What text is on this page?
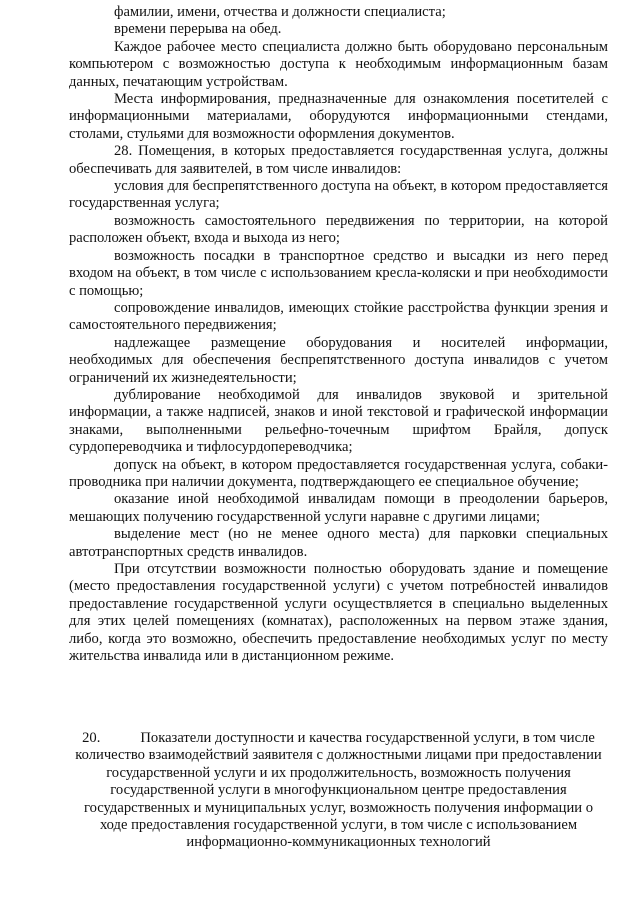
фамилии, имени, отчества и должности специалиста;

времени перерыва на обед.

Каждое рабочее место специалиста должно быть оборудовано персональным компьютером с возможностью доступа к необходимым информационным базам данных, печатающим устройствам.

Места информирования, предназначенные для ознакомления посетителей с информационными материалами, оборудуются информационными стендами, столами, стульями для возможности оформления документов.

28. Помещения, в которых предоставляется государственная услуга, должны обеспечивать для заявителей, в том числе инвалидов:

условия для беспрепятственного доступа на объект, в котором предоставляется государственная услуга;

возможность самостоятельного передвижения по территории, на которой расположен объект, входа и выхода из него;

возможность посадки в транспортное средство и высадки из него перед входом на объект, в том числе с использованием кресла-коляски и при необходимости с помощью;

сопровождение инвалидов, имеющих стойкие расстройства функции зрения и самостоятельного передвижения;

надлежащее размещение оборудования и носителей информации, необходимых для обеспечения беспрепятственного доступа инвалидов с учетом ограничений их жизнедеятельности;

дублирование необходимой для инвалидов звуковой и зрительной информации, а также надписей, знаков и иной текстовой и графической информации знаками, выполненными рельефно-точечным шрифтом Брайля, допуск сурдопереводчика и тифлосурдопереводчика;

допуск на объект, в котором предоставляется государственная услуга, собаки-проводника при наличии документа, подтверждающего ее специальное обучение;

оказание иной необходимой инвалидам помощи в преодолении барьеров, мешающих получению государственной услуги наравне с другими лицами;

выделение мест (но не менее одного места) для парковки специальных автотранспортных средств инвалидов.

При отсутствии возможности полностью оборудовать здание и помещение (место предоставления государственной услуги) с учетом потребностей инвалидов предоставление государственной услуги осуществляется в специально выделенных для этих целей помещениях (комнатах), расположенных на первом этаже здания, либо, когда это возможно, обеспечить предоставление необходимых услуг по месту жительства инвалида или в дистанционном режиме.

20.	Показатели доступности и качества государственной услуги, в том числе количество взаимодействий заявителя с должностными лицами при предоставлении государственной услуги и их продолжительность, возможность получения государственной услуги в многофункциональном центре предоставления государственных и муниципальных услуг, возможность получения информации о ходе предоставления государственной услуги, в том числе с использованием информационно-коммуникационных технологий
